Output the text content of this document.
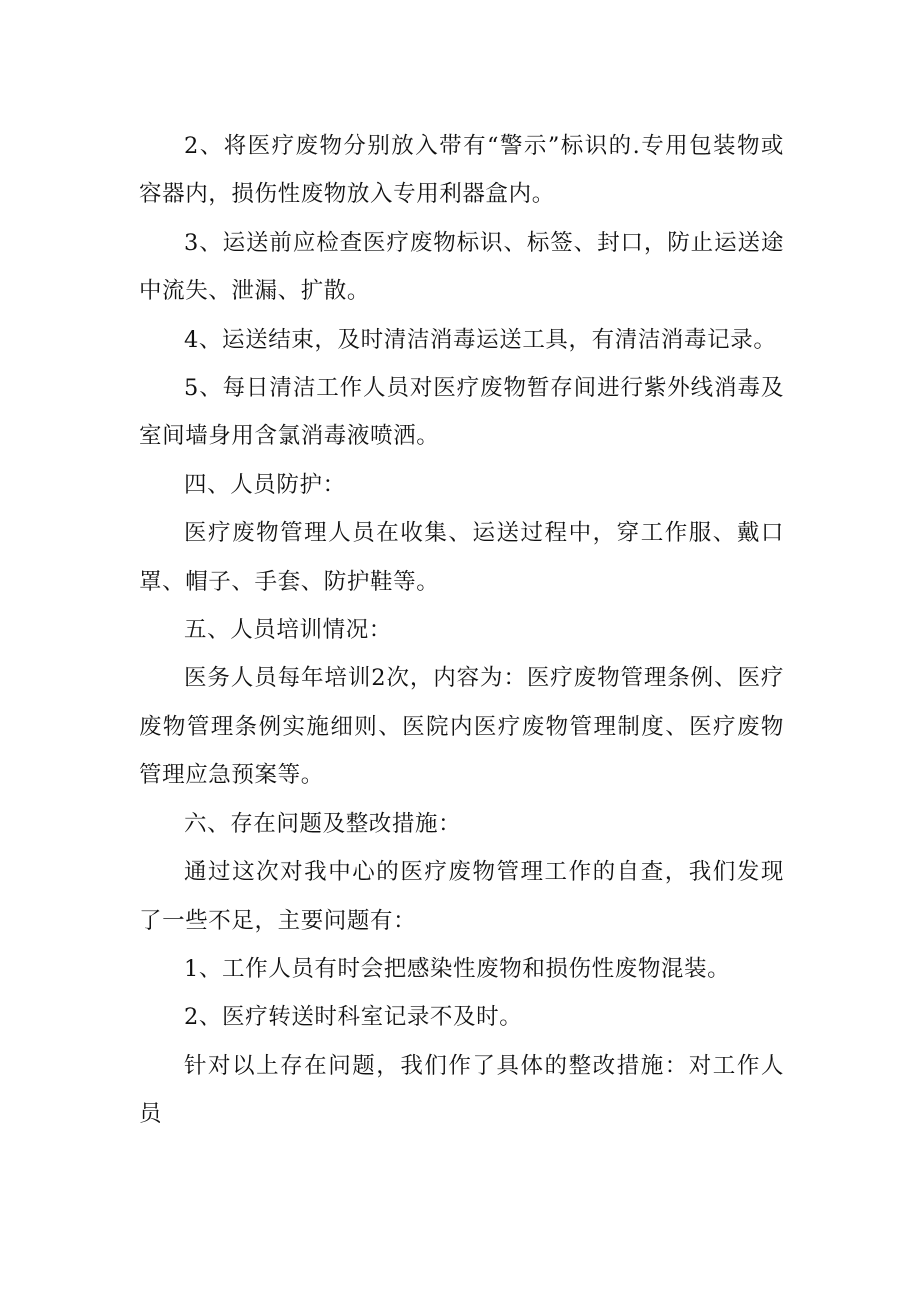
2、将医疗废物分别放入带有“警示”标识的.专用包装物或容器内，损伤性废物放入专用利器盒内。

3、运送前应检查医疗废物标识、标签、封口，防止运送途中流失、泄漏、扩散。

4、运送结束，及时清洁消毒运送工具，有清洁消毒记录。

5、每日清洁工作人员对医疗废物暂存间进行紫外线消毒及室间墙身用含氯消毒液喷洒。

四、人员防护：

医疗废物管理人员在收集、运送过程中，穿工作服、戴口罩、帽子、手套、防护鞋等。

五、人员培训情况：

医务人员每年培训2次，内容为：医疗废物管理条例、医疗废物管理条例实施细则、医院内医疗废物管理制度、医疗废物管理应急预案等。

六、存在问题及整改措施：

通过这次对我中心的医疗废物管理工作的自查，我们发现了一些不足，主要问题有：

1、工作人员有时会把感染性废物和损伤性废物混装。

2、医疗转送时科室记录不及时。

针对以上存在问题，我们作了具体的整改措施：对工作人员
